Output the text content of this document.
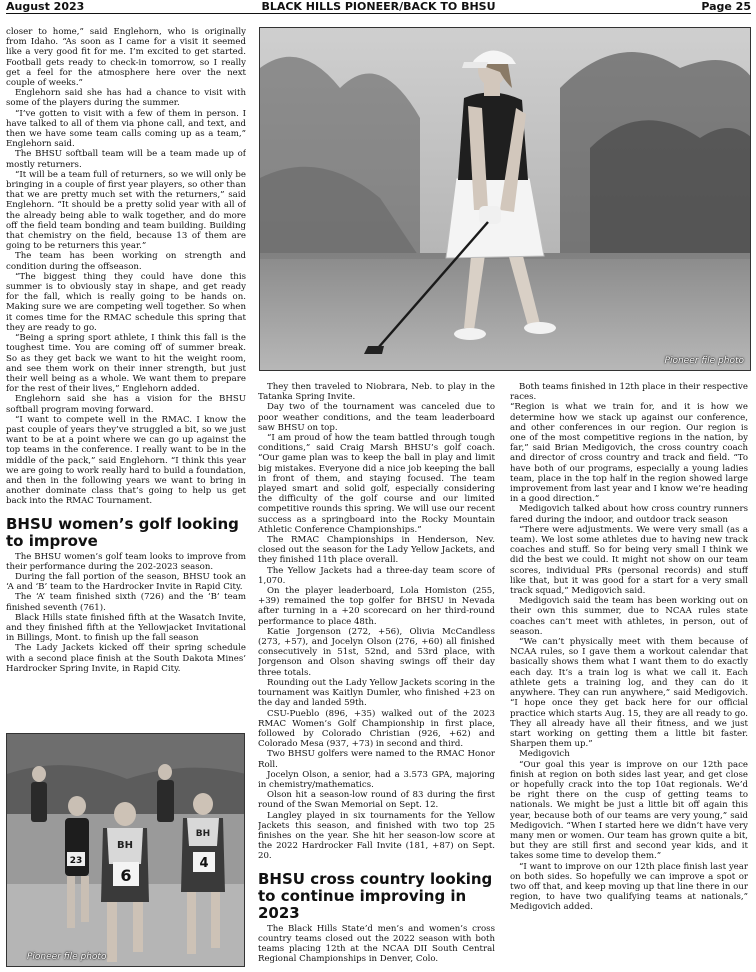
August 2023	BLACK HILLS PIONEER/BACK TO BHSU	Page 25

closer to home,” said Englehorn, who is originally from Idaho. “As soon as I came for a visit it seemed like a very good fit for me. I’m excited to get started. Football gets ready to check-in tomorrow, so I really get a feel for the atmosphere here over the next couple of weeks.”

Englehorn said she has had a chance to visit with some of the players during the summer.

“I’ve gotten to visit with a few of them in person. I have talked to all of them via phone call, and text, and then we have some team calls coming up as a team,” Englehorn said.

The BHSU softball team will be a team made up of mostly returners.

“It will be a team full of returners, so we will only be bringing in a couple of first year players, so other than that we are pretty much set with the returners,” said Englehorn. “It should be a pretty solid year with all of the already being able to walk together, and do more off the field team bonding and team building. Building that chemistry on the field, because 13 of them are going to be returners this year.”

The team has been working on strength and condition during the offseason.

“The biggest thing they could have done this summer is to obviously stay in shape, and get ready for the fall, which is really going to be hands on. Making sure we are competing well together. So when it comes time for the RMAC schedule this spring that they are ready to go.

“Being a spring sport athlete, I think this fall is the toughest time. You are coming off of summer break. So as they get back we want to hit the weight room, and see them work on their inner strength, but just their well being as a whole. We want them to prepare for the rest of their lives,” Englehorn added.

Englehorn said she has a vision for the BHSU softball program moving forward.

“I want to compete well in the RMAC. I know the past couple of years they’ve struggled a bit, so we just want to be at a point where we can go up against the top teams in the conference. I really want to be in the middle of the pack,” said Englehorn. “I think this year we are going to work really hard to build a foundation, and then in the following years we want to bring in another dominate class that’s going to help us get back into the RMAC Tournament.

BHSU women’s golf looking to improve

The BHSU women’s golf team looks to improve from their performance during the 202-2023 season.

During the fall portion of the season, BHSU took an ‘A and ‘B’ team to the Hardrocker Invite in Rapid City.

The ‘A’ team finished sixth (726) and the ‘B’ team finished seventh (761).

Black Hills state finished fifth at the Wasatch Invite, and they finished fifth at the Yellowjacket Invitational in Billings, Mont. to finish up the fall season

The Lady Jackets kicked off their spring schedule with a second place finish at the South Dakota Mines’ Hardrocker Spring Invite, in Rapid City.

Pioneer file photo

They then traveled to Niobrara, Neb. to play in the Tatanka Spring Invite.

Day two of the tournament was canceled due to poor weather conditions, and the team leaderboard saw BHSU on top.

“I am proud of how the team battled through tough conditions,” said Craig Marsh BHSU’s golf coach. “Our game plan was to keep the ball in play and limit big mistakes. Everyone did a nice job keeping the ball in front of them, and staying focused. The team played smart and solid golf, especially considering the difficulty of the golf course and our limited competitive rounds this spring. We will use our recent success as a springboard into the Rocky Mountain Athletic Conference Championships.”

The RMAC Championships in Henderson, Nev. closed out the season for the Lady Yellow Jackets, and they finished 11th place overall.

The Yellow Jackets had a three-day team score of 1,070.

On the player leaderboard, Lola Homiston (255, +39) remained the top golfer for BHSU in Nevada after turning in a +20 scorecard on her third-round performance to place 48th.

Katie Jorgenson (272, +56), Olivia McCandless (273, +57), and Jocelyn Olson (276, +60) all finished consecutively in 51st, 52nd, and 53rd place, with Jorgenson and Olson shaving swings off their day three totals.

Rounding out the Lady Yellow Jackets scoring in the tournament was Kaitlyn Dumler, who finished +23 on the day and landed 59th.

CSU-Pueblo (896, +35) walked out of the 2023 RMAC Women’s Golf Championship in first place, followed by Colorado Christian (926, +62) and Colorado Mesa (937, +73) in second and third.

Two BHSU golfers were named to the RMAC Honor Roll.

Jocelyn Olson, a senior, had a 3.573 GPA, majoring in chemistry/mathematics.

Olson hit a season-low round of 83 during the first round of the Swan Memorial on Sept. 12.

Langley played in six tournaments for the Yellow Jackets this season, and finished with two top 25 finishes on the year. She hit her season-low score at the 2022 Hardrocker Fall Invite (181, +87) on Sept. 20.

BHSU cross country looking to continue improving in 2023

The Black Hills State’d men’s and women’s cross country teams closed out the 2022 season with both teams placing 12th at the NCAA DII South Central Regional Championships in Denver, Colo.

Both teams finished in 12th place in their respective races.

“Region is what we train for, and it is how we determine how we stack up against our conference, and other conferences in our region. Our region is one of the most competitive regions in the nation, by far,” said Brian Medigovich, the cross country coach and director of cross country and track and field. “To have both of our programs, especially a young ladies team, place in the top half in the region showed large improvement from last year and I know we’re heading in a good direction.”

Medigovich talked about how cross country runners fared during the indoor, and outdoor track season

“There were adjustments. We were very small (as a team). We lost some athletes due to having new track coaches and stuff. So for being very small I think we did the best we could. It might not show on our team scores, individual PRs (personal records) and stuff like that, but it was good for a start for a very small track squad,” Medigovich said.

Medigovich said the team has been working out on their own this summer, due to NCAA rules state coaches can’t meet with athletes, in person, out of season.

“We can’t physically meet with them because of NCAA rules, so I gave them a workout calendar that basically shows them what I want them to do exactly each day. It’s a train log is what we call it. Each athlete gets a training log, and they can do it anywhere. They can run anywhere,” said Medigovich. “I hope once they get back here for our official practice which starts Aug. 15, they are all ready to go. They all already have all their fitness, and we just start working on getting them a little bit faster. Sharpen them up.”

Medigovich

“Our goal this year is improve on our 12th pace finish at region on both sides last year, and get close or hopefully crack into the top 10at regionals. We’d be right there on the cusp of getting teams to nationals. We might be just a little bit off again this year, because both of our teams are very young,” said Medigovich. “When I started here we didn’t have very many men or women. Our team has grown quite a bit, but they are still first and second year kids, and it takes some time to develop them.”

“I want to improve on our 12th place finish last year on both sides. So hopefully we can improve a spot or two off that, and keep moving up that line there in our region, to have two qualifying teams at nationals,” Medigovich added.

23
BH
6
BH
4
Pioneer file photo
